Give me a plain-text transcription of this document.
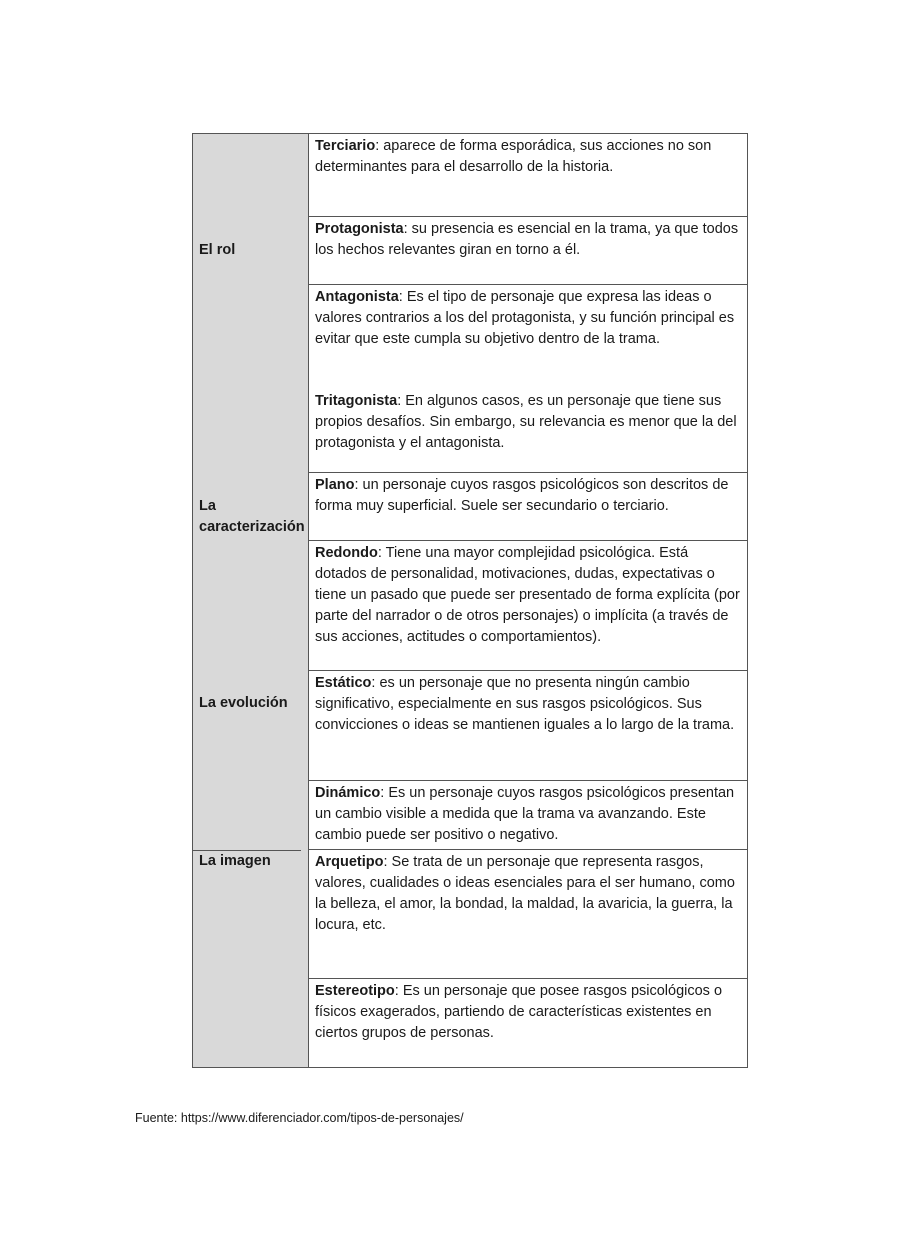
El rol
La caracterización
La evolución
La imagen
Terciario: aparece de forma esporádica, sus acciones no son determinantes para el desarrollo de la historia.
Protagonista: su presencia es esencial en la trama, ya que todos los hechos relevantes giran en torno a él.
Antagonista: Es el tipo de personaje que expresa las ideas o valores contrarios a los del protagonista, y su función principal es evitar que este cumpla su objetivo dentro de la trama.
Tritagonista: En algunos casos, es un personaje que tiene sus propios desafíos. Sin embargo, su relevancia es menor que la del protagonista y el antagonista.
Plano: un personaje cuyos rasgos psicológicos son descritos de forma muy superficial. Suele ser secundario o terciario.
Redondo: Tiene una mayor complejidad psicológica. Está dotados de personalidad, motivaciones, dudas, expectativas o tiene un pasado que puede ser presentado de forma explícita (por parte del narrador o de otros personajes) o implícita (a través de sus acciones, actitudes o comportamientos).
Estático: es un personaje que no presenta ningún cambio significativo, especialmente en sus rasgos psicológicos. Sus convicciones o ideas se mantienen iguales a lo largo de la trama.
Dinámico: Es un personaje cuyos rasgos psicológicos presentan un cambio visible a medida que la trama va avanzando. Este cambio puede ser positivo o negativo.
Arquetipo: Se trata de un personaje que representa rasgos, valores, cualidades o ideas esenciales para el ser humano, como la belleza, el amor, la bondad, la maldad, la avaricia, la guerra, la locura, etc.
Estereotipo: Es un personaje que posee rasgos psicológicos o físicos exagerados, partiendo de características existentes en ciertos grupos de personas.
Fuente: https://www.diferenciador.com/tipos-de-personajes/
